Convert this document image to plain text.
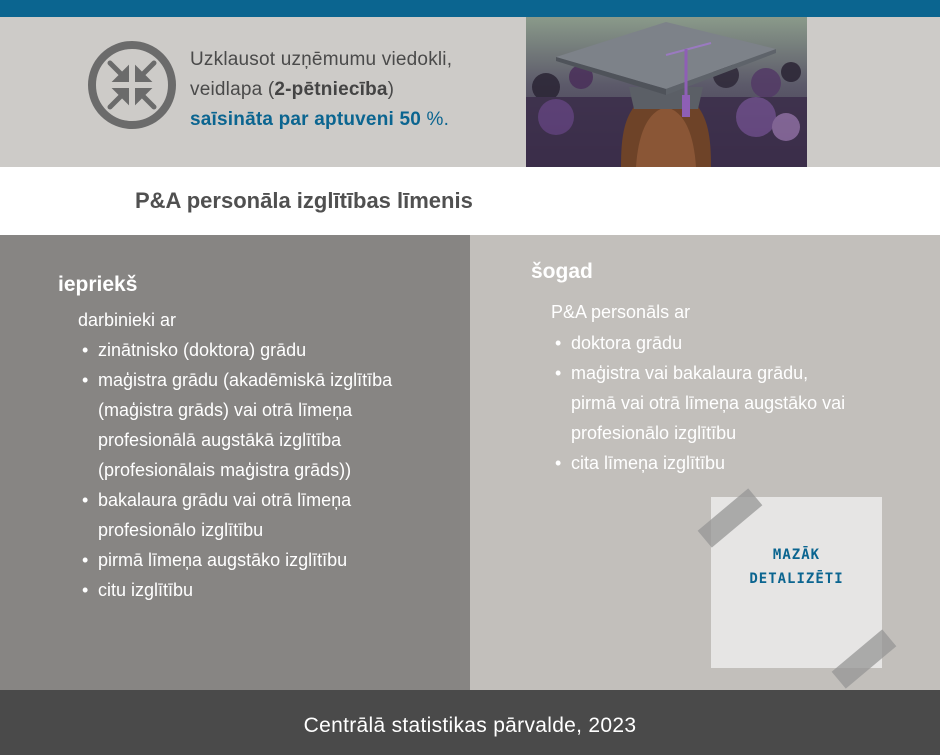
Uzklausot uzņēmumu viedokli,
veidlapa (2-pētniecība)
saīsināta par aptuveni 50 %.
P&A personāla izglītības līmenis
iepriekš
darbinieki ar
• zinātnisko (doktora) grādu
• maģistra grādu (akadēmiskā izglītība
(maģistra grāds) vai otrā līmeņa
profesionālā augstākā izglītība
(profesionālais maģistra grāds))
• bakalaura grādu vai otrā līmeņa
profesionālo izglītību
• pirmā līmeņa augstāko izglītību
• citu izglītību
šogad
P&A personāls ar
• doktora grādu
• maģistra vai bakalaura grādu,
pirmā vai otrā līmeņa augstāko vai
profesionālo izglītību
• cita līmeņa izglītību
MAZĀK
DETALIZĒTI
Centrālā statistikas pārvalde, 2023
